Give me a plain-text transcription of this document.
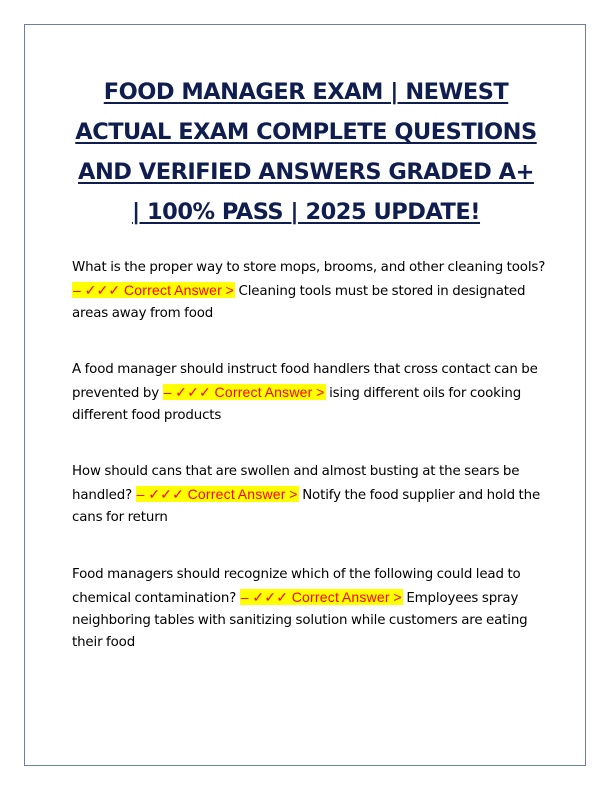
FOOD MANAGER EXAM | NEWEST ACTUAL EXAM COMPLETE QUESTIONS AND VERIFIED ANSWERS GRADED A+ | 100% PASS | 2025 UPDATE!
What is the proper way to store mops, brooms, and other cleaning tools? – ✓✓✓ Correct Answer > Cleaning tools must be stored in designated areas away from food
A food manager should instruct food handlers that cross contact can be prevented by – ✓✓✓ Correct Answer > ising different oils for cooking different food products
How should cans that are swollen and almost busting at the sears be handled? – ✓✓✓ Correct Answer > Notify the food supplier and hold the cans for return
Food managers should recognize which of the following could lead to chemical contamination? – ✓✓✓ Correct Answer > Employees spray neighboring tables with sanitizing solution while customers are eating their food
